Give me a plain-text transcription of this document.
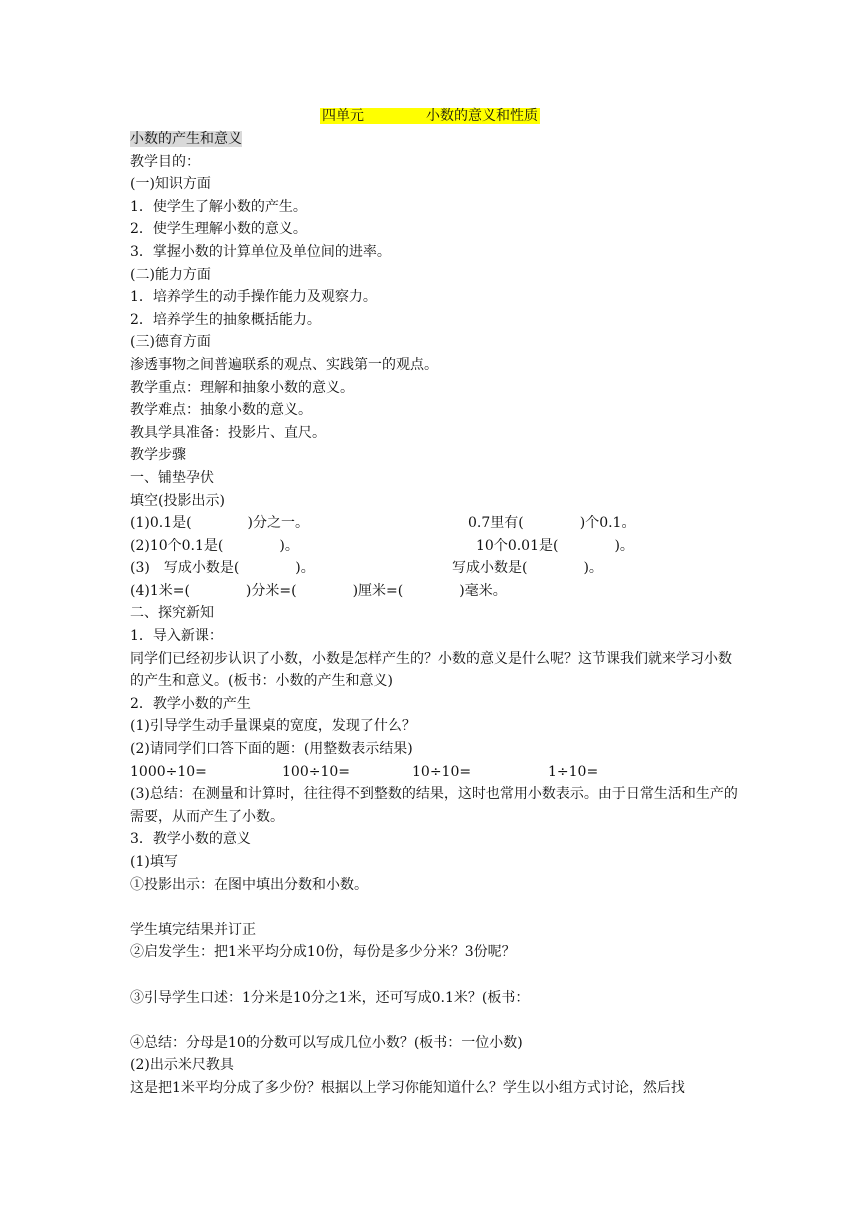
四单元	小数的意义和性质
小数的产生和意义
教学目的：
(一)知识方面
1．使学生了解小数的产生。
2．使学生理解小数的意义。
3．掌握小数的计算单位及单位间的进率。
(二)能力方面
1．培养学生的动手操作能力及观察力。
2．培养学生的抽象概括能力。
(三)德育方面
渗透事物之间普遍联系的观点、实践第一的观点。
教学重点：理解和抽象小数的意义。
教学难点：抽象小数的意义。
教具学具准备：投影片、直尺。
教学步骤
一、铺垫孕伏
填空(投影出示)
(1)0.1是(　　　　)分之一。	0.7里有(　　　　)个0.1。
(2)10个0.1是(　　　　)。	10个0.01是(　　　　)。
(3)　写成小数是(　　　　)。	写成小数是(　　　　)。
(4)1米=(　　　　)分米=(　　　　)厘米=(　　　　)毫米。
二、探究新知
1．导入新课：
同学们已经初步认识了小数，小数是怎样产生的？小数的意义是什么呢？这节课我们就来学习小数的产生和意义。(板书：小数的产生和意义)
2．教学小数的产生
(1)引导学生动手量课桌的宽度，发现了什么？
(2)请同学们口答下面的题：(用整数表示结果)
1000÷10=	100÷10=	10÷10=	1÷10=
(3)总结：在测量和计算时，往往得不到整数的结果，这时也常用小数表示。由于日常生活和生产的需要，从而产生了小数。
3．教学小数的意义
(1)填写
①投影出示：在图中填出分数和小数。
学生填完结果并订正
②启发学生：把1米平均分成10份，每份是多少分米？3份呢？
③引导学生口述：1分米是10分之1米，还可写成0.1米？(板书：
④总结：分母是10的分数可以写成几位小数？(板书：一位小数)
(2)出示米尺教具
这是把1米平均分成了多少份？根据以上学习你能知道什么？学生以小组方式讨论，然后找
